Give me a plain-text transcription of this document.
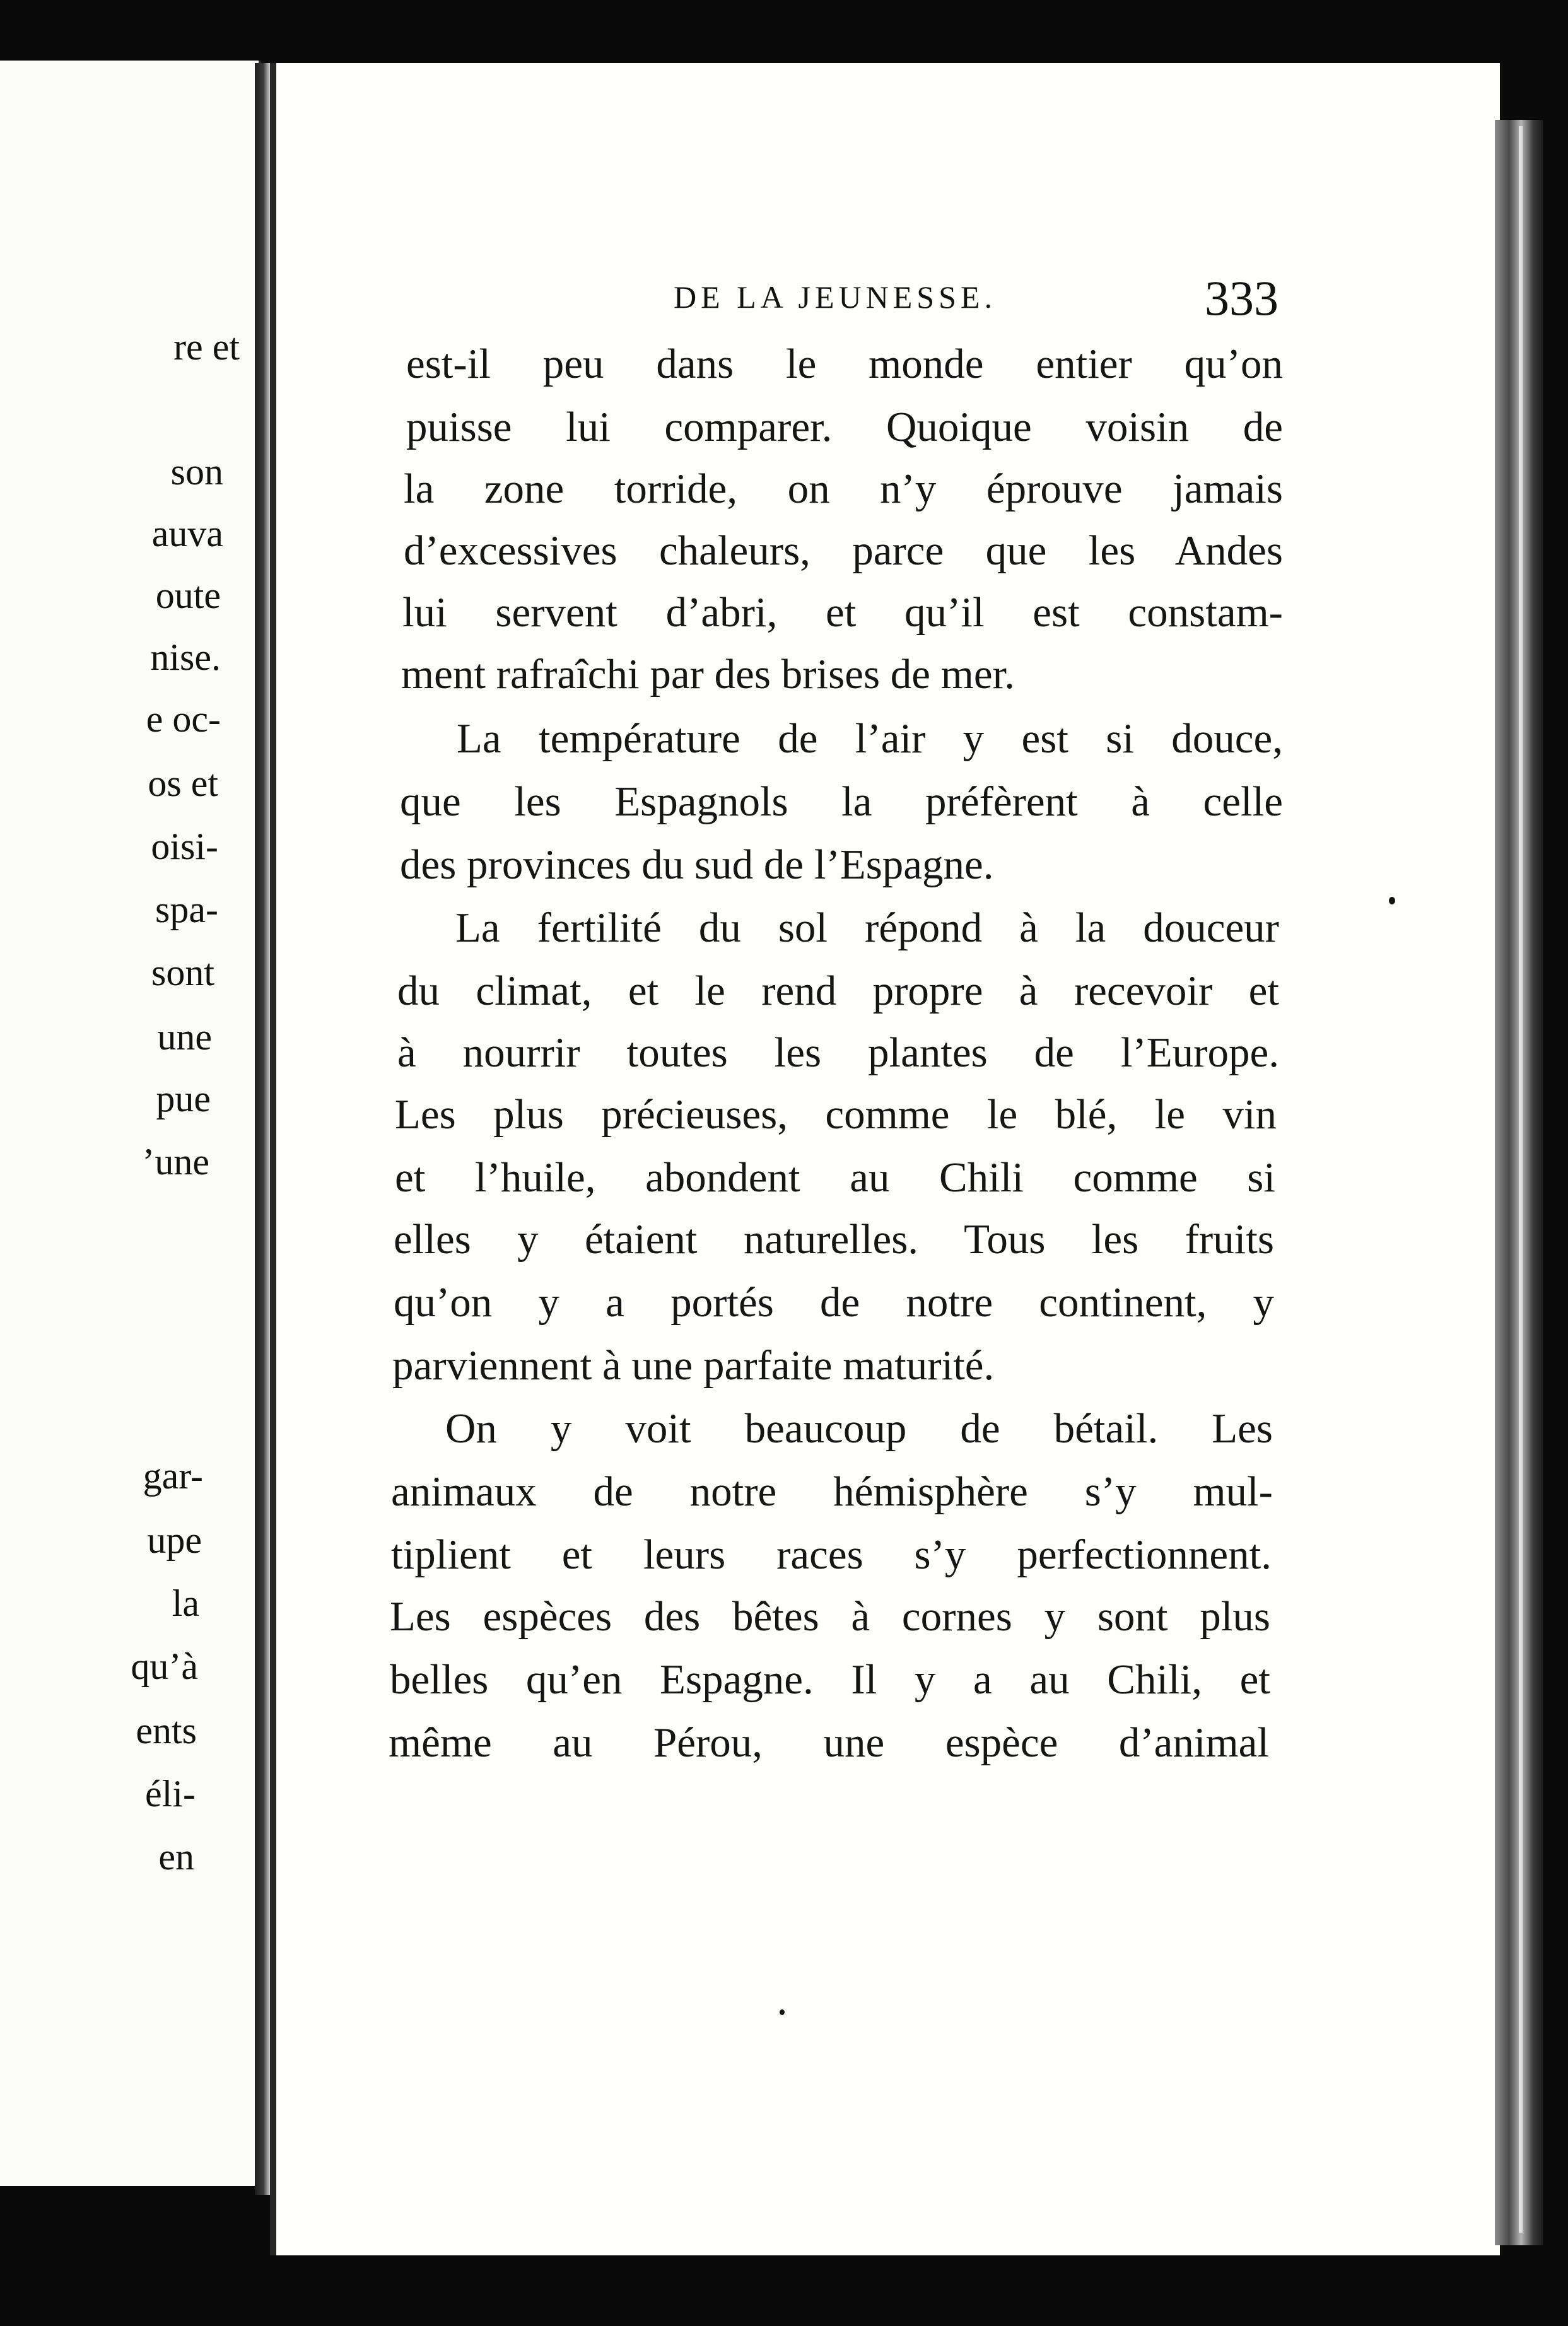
re et
son
auva
oute
nise.
e oc-
os et
oisi-
spa-
sont
une
pue
’une
gar-
upe
la
qu’à
ents
éli-
en
DE LA JEUNESSE.	333
est-il peu dans le monde entier qu’on
puisse lui comparer. Quoique voisin de
la zone torride, on n’y éprouve jamais
d’excessives chaleurs, parce que les Andes
lui servent d’abri, et qu’il est constam-
ment rafraîchi par des brises de mer.
La température de l’air y est si douce,
que les Espagnols la préfèrent à celle
des provinces du sud de l’Espagne.
La fertilité du sol répond à la douceur
du climat, et le rend propre à recevoir et
à nourrir toutes les plantes de l’Europe.
Les plus précieuses, comme le blé, le vin
et l’huile, abondent au Chili comme si
elles y étaient naturelles. Tous les fruits
qu’on y a portés de notre continent, y
parviennent à une parfaite maturité.
On y voit beaucoup de bétail. Les
animaux de notre hémisphère s’y mul-
tiplient et leurs races s’y perfectionnent.
Les espèces des bêtes à cornes y sont plus
belles qu’en Espagne. Il y a au Chili, et
même au Pérou, une espèce d’animal
